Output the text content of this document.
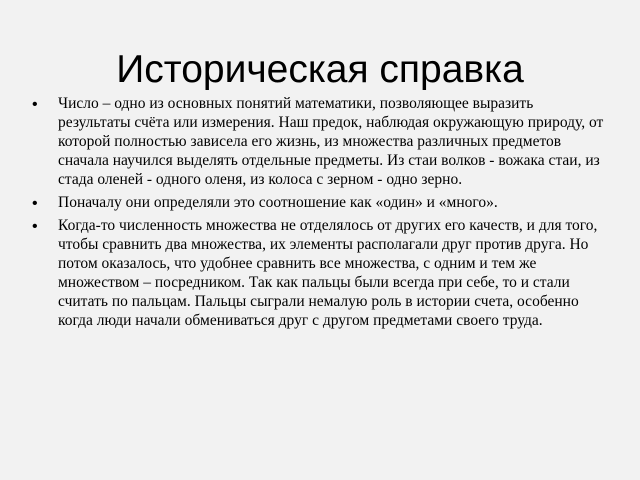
Историческая справка
• Число – одно из основных понятий математики, позволяющее выразить результаты счёта или измерения. Наш предок, наблюдая окружающую природу, от которой полностью зависела его жизнь, из множества различных предметов сначала научился выделять отдельные предметы. Из стаи волков - вожака стаи, из стада оленей - одного оленя, из колоса с зерном - одно зерно.
• Поначалу они определяли это соотношение как «один» и «много».
• Когда-то численность множества не отделялось от других его качеств, и для того, чтобы сравнить два множества, их элементы располагали друг против друга. Но потом оказалось, что удобнее сравнить все множества, с одним и тем же множеством – посредником. Так как пальцы были всегда при себе, то и стали считать по пальцам. Пальцы сыграли немалую роль в истории счета, особенно когда люди начали обмениваться друг с другом предметами своего труда.
